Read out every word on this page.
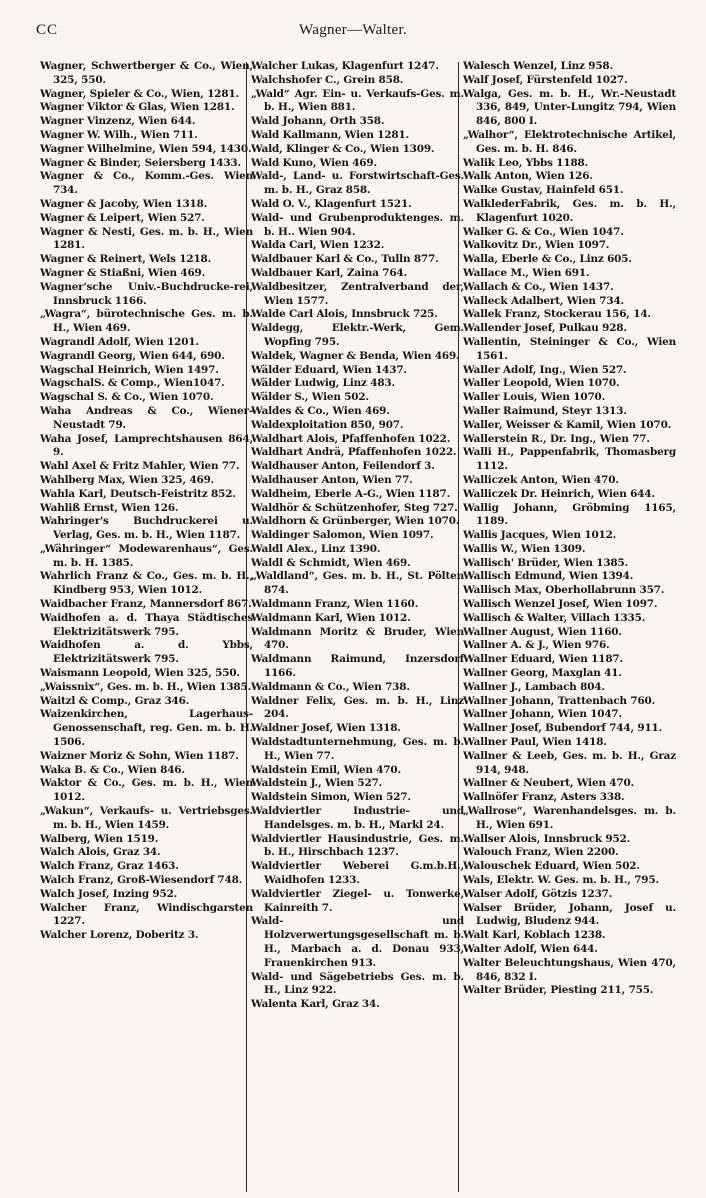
CC	Wagner—Walter.

Wagner, Schwertberger & Co., Wien, 325, 550.

Wagner, Spieler & Co., Wien, 1281.

Wagner Viktor & Glas, Wien 1281.

Wagner Vinzenz, Wien 644.

Wagner W. Wilh., Wien 711.

Wagner Wilhelmine, Wien 594, 1430.

Wagner & Binder, Seiersberg 1433.

Wagner & Co., Komm.-Ges. Wien 734.

Wagner & Jacoby, Wien 1318.

Wagner & Leipert, Wien 527.

Wagner & Nesti, Ges. m. b. H., Wien 1281.

Wagner & Reinert, Wels 1218.

Wagner & Stiaßni, Wien 469.

Wagner'sche Univ.-Buchdrucke-rei, Innsbruck 1166.

„Wagra“, bürotechnische Ges. m. b. H., Wien 469.

Wagrandl Adolf, Wien 1201.

Wagrandl Georg, Wien 644, 690.

Wagschal Heinrich, Wien 1497.

WagschalS. & Comp., Wien1047.

Wagschal S. & Co., Wien 1070.

Waha Andreas & Co., Wiener-Neustadt 79.

Waha Josef, Lamprechtshausen 864, 9.

Wahl Axel & Fritz Mahler, Wien 77.

Wahlberg Max, Wien 325, 469.

Wahla Karl, Deutsch-Feistritz 852.

Wahliß Ernst, Wien 126.

Wahringer's Buchdruckerei u. Verlag, Ges. m. b. H., Wien 1187.

„Währinger“ Modewarenhaus“, Ges. m. b. H. 1385.

Wahrlich Franz & Co., Ges. m. b. H., Kindberg 953, Wien 1012.

Waidbacher Franz, Mannersdorf 867.

Waidhofen a. d. Thaya Städtisches Elektrizitätswerk 795.

Waidhofen a. d. Ybbs, Elektrizitätswerk 795.

Waismann Leopold, Wien 325, 550.

„Waissnix“, Ges. m. b. H., Wien 1385.

Waitzl & Comp., Graz 346.

Waizenkirchen, Lagerhaus-Genossenschaft, reg. Gen. m. b. H. 1506.

Waizner Moriz & Sohn, Wien 1187.

Waka B. & Co., Wien 846.

Waktor & Co., Ges. m. b. H., Wien 1012.

„Wakun“, Verkaufs- u. Vertriebsges. m. b. H., Wien 1459.

Walberg, Wien 1519.

Walch Alois, Graz 34.

Walch Franz, Graz 1463.

Walch Franz, Groß-Wiesendorf 748.

Walch Josef, Inzing 952.

Walcher Franz, Windischgarsten 1227.

Walcher Lorenz, Doberitz 3.

Walcher Lukas, Klagenfurt 1247.

Walchshofer C., Grein 858.

„Wald“ Agr. Ein- u. Verkaufs-Ges. m. b. H., Wien 881.

Wald Johann, Orth 358.

Wald Kallmann, Wien 1281.

Wald, Klinger & Co., Wien 1309.

Wald Kuno, Wien 469.

Wald-, Land- u. Forstwirtschaft-Ges. m. b. H., Graz 858.

Wald O. V., Klagenfurt 1521.

Wald- und Grubenproduktenges. m. b. H.. Wien 904.

Walda Carl, Wien 1232.

Waldbauer Karl & Co., Tulln 877.

Waldbauer Karl, Zaina 764.

Waldbesitzer, Zentralverband der, Wien 1577.

Walde Carl Alois, Innsbruck 725.

Waldegg, Elektr.-Werk, Gem. Wopfing 795.

Waldek, Wagner & Benda, Wien 469.

Wälder Eduard, Wien 1437.

Wälder Ludwig, Linz 483.

Wälder S., Wien 502.

Waldes & Co., Wien 469.

Waldexploitation 850, 907.

Waldhart Alois, Pfaffenhofen 1022.

Waldhart Andrä, Pfaffenhofen 1022.

Waldhauser Anton, Feilendorf 3.

Waldhauser Anton, Wien 77.

Waldheim, Eberle A-G., Wien 1187.

Waldhör & Schützenhofer, Steg 727.

Waldhorn & Grünberger, Wien 1070.

Waldinger Salomon, Wien 1097.

Waldl Alex., Linz 1390.

Waldl & Schmidt, Wien 469.

„Waldland“, Ges. m. b. H., St. Pölten 874.

Waldmann Franz, Wien 1160.

Waldmann Karl, Wien 1012.

Waldmann Moritz & Bruder, Wien 470.

Waldmann Raimund, Inzersdorf 1166.

Waldmann & Co., Wien 738.

Waldner Felix, Ges. m. b. H., Linz 204.

Waldner Josef, Wien 1318.

Waldstadtunternehmung, Ges. m. b. H., Wien 77.

Waldstein Emil, Wien 470.

Waldstein J., Wien 527.

Waldstein Simon, Wien 527.

Waldviertler Industrie- und Handelsges. m. b. H., Markl 24.

Waldviertler Hausindustrie, Ges. m. b. H., Hirschbach 1237.

Waldviertler Weberei G.m.b.H., Waidhofen 1233.

Waldviertler Ziegel- u. Tonwerke, Kainreith 7.

Wald- und Holzverwertungsgesellschaft m. b. H., Marbach a. d. Donau 933, Frauenkirchen 913.

Wald- und Sägebetriebs Ges. m. b. H., Linz 922.

Walenta Karl, Graz 34.

Walesch Wenzel, Linz 958.

Walf Josef, Fürstenfeld 1027.

Walga, Ges. m. b. H., Wr.-Neustadt 336, 849, Unter-Lungitz 794, Wien 846, 800 I.

„Walhor“, Elektrotechnische Artikel, Ges. m. b. H. 846.

Walik Leo, Ybbs 1188.

Walk Anton, Wien 126.

Walke Gustav, Hainfeld 651.

WalklederFabrik, Ges. m. b. H., Klagenfurt 1020.

Walker G. & Co., Wien 1047.

Walkovitz Dr., Wien 1097.

Walla, Eberle & Co., Linz 605.

Wallace M., Wien 691.

Wallach & Co., Wien 1437.

Walleck Adalbert, Wien 734.

Wallek Franz, Stockerau 156, 14.

Wallender Josef, Pulkau 928.

Wallentin, Steininger & Co., Wien 1561.

Waller Adolf, Ing., Wien 527.

Waller Leopold, Wien 1070.

Waller Louis, Wien 1070.

Waller Raimund, Steyr 1313.

Waller, Weisser & Kamil, Wien 1070.

Wallerstein R., Dr. Ing., Wien 77.

Walli H., Pappenfabrik, Thomasberg 1112.

Walliczek Anton, Wien 470.

Walliczek Dr. Heinrich, Wien 644.

Wallig Johann, Gröbming 1165, 1189.

Wallis Jacques, Wien 1012.

Wallis W., Wien 1309.

Wallisch' Brüder, Wien 1385.

Wallisch Edmund, Wien 1394.

Wallisch Max, Oberhollabrunn 357.

Wallisch Wenzel Josef, Wien 1097.

Wallisch & Walter, Villach 1335.

Wallner August, Wien 1160.

Wallner A. & J., Wien 976.

Wallner Eduard, Wien 1187.

Wallner Georg, Maxglan 41.

Wallner J., Lambach 804.

Wallner Johann, Trattenbach 760.

Wallner Johann, Wien 1047.

Wallner Josef, Bubendorf 744, 911.

Wallner Paul, Wien 1418.

Wallner & Leeb, Ges. m. b. H., Graz 914, 948.

Wallner & Neubert, Wien 470.

Wallnöfer Franz, Asters 338.

„Wallrose“, Warenhandelsges. m. b. H., Wien 691.

Wallser Alois, Innsbruck 952.

Walouch Franz, Wien 2200.

Walouschek Eduard, Wien 502.

Wals, Elektr. W. Ges. m. b. H., 795.

Walser Adolf, Götzis 1237.

Walser Brüder, Johann, Josef u. Ludwig, Bludenz 944.

Walt Karl, Koblach 1238.

Walter Adolf, Wien 644.

Walter Beleuchtungshaus, Wien 470, 846, 832 I.

Walter Brüder, Piesting 211, 755.
